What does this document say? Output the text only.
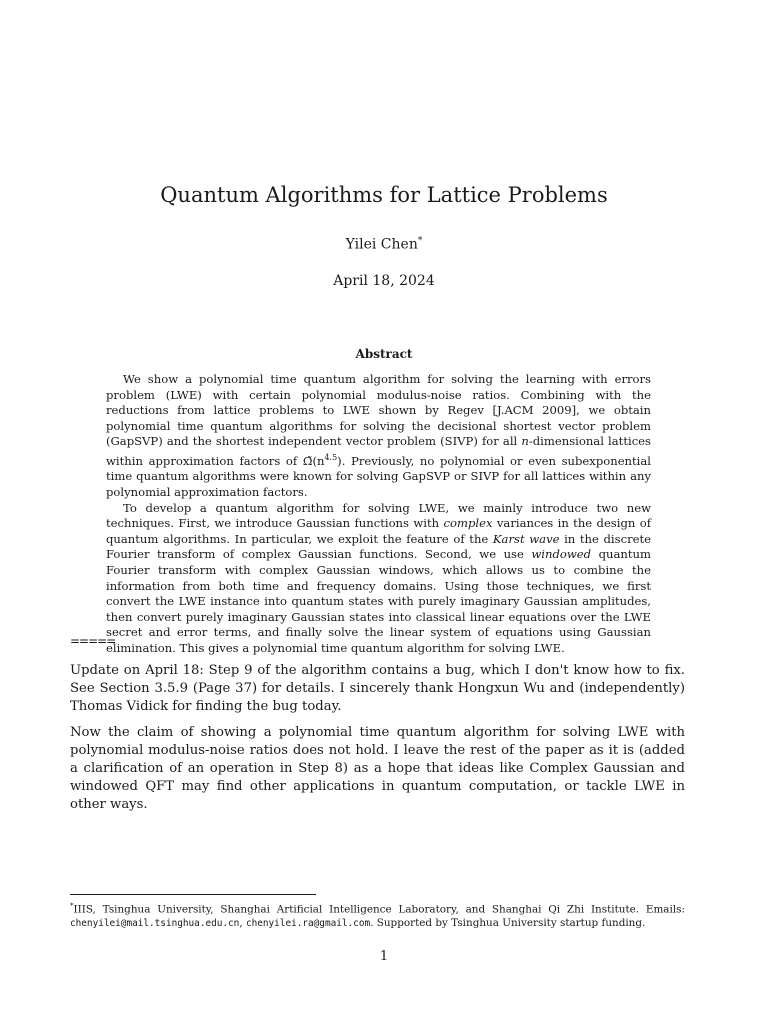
Quantum Algorithms for Lattice Problems
Yilei Chen*
April 18, 2024
Abstract

We show a polynomial time quantum algorithm for solving the learning with errors problem (LWE) with certain polynomial modulus-noise ratios. Combining with the reductions from lattice problems to LWE shown by Regev [J.ACM 2009], we obtain polynomial time quantum algorithms for solving the decisional shortest vector problem (GapSVP) and the shortest independent vector problem (SIVP) for all n-dimensional lattices within approximation factors of $\Omegã(n^{4.5})$. Previously, no polynomial or even subexponential time quantum algorithms were known for solving GapSVP or SIVP for all lattices within any polynomial approximation factors.

To develop a quantum algorithm for solving LWE, we mainly introduce two new techniques. First, we introduce Gaussian functions with complex variances in the design of quantum algorithms. In particular, we exploit the feature of the Karst wave in the discrete Fourier transform of complex Gaussian functions. Second, we use windowed quantum Fourier transform with complex Gaussian windows, which allows us to combine the information from both time and frequency domains. Using those techniques, we first convert the LWE instance into quantum states with purely imaginary Gaussian amplitudes, then convert purely imaginary Gaussian states into classical linear equations over the LWE secret and error terms, and finally solve the linear system of equations using Gaussian elimination. This gives a polynomial time quantum algorithm for solving LWE.

=====

Update on April 18: Step 9 of the algorithm contains a bug, which I don't know how to fix. See Section 3.5.9 (Page 37) for details. I sincerely thank Hongxun Wu and (independently) Thomas Vidick for finding the bug today.

Now the claim of showing a polynomial time quantum algorithm for solving LWE with polynomial modulus-noise ratios does not hold. I leave the rest of the paper as it is (added a clarification of an operation in Step 8) as a hope that ideas like Complex Gaussian and windowed QFT may find other applications in quantum computation, or tackle LWE in other ways.

*IIIS, Tsinghua University, Shanghai Artificial Intelligence Laboratory, and Shanghai Qi Zhi Institute. Emails: chenyilei@mail.tsinghua.edu.cn, chenyilei.ra@gmail.com. Supported by Tsinghua University startup funding.
1
